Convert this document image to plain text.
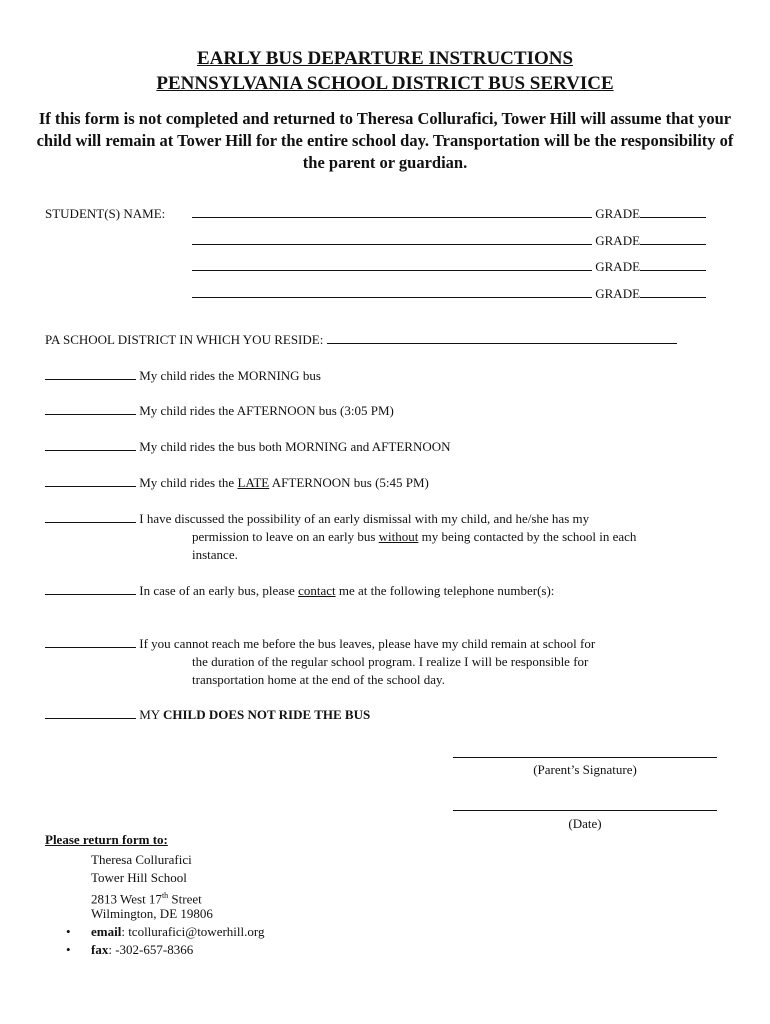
EARLY BUS DEPARTURE INSTRUCTIONS
PENNSYLVANIA SCHOOL DISTRICT BUS SERVICE
If this form is not completed and returned to Theresa Collurafici, Tower Hill will assume that your child will remain at Tower Hill for the entire school day. Transportation will be the responsibility of the parent or guardian.
STUDENT(S) NAME:	GRADE
GRADE
GRADE
GRADE
PA SCHOOL DISTRICT IN WHICH YOU RESIDE:
My child rides the MORNING bus
My child rides the AFTERNOON bus (3:05 PM)
My child rides the bus both MORNING and AFTERNOON
My child rides the LATE AFTERNOON bus (5:45 PM)
I have discussed the possibility of an early dismissal with my child, and he/she has my
permission to leave on an early bus without my being contacted by the school in each
instance.
In case of an early bus, please contact me at the following telephone number(s):
If you cannot reach me before the bus leaves, please have my child remain at school for
the duration of the regular school program. I realize I will be responsible for
transportation home at the end of the school day.
MY CHILD DOES NOT RIDE THE BUS
(Parent’s Signature)
(Date)
Please return form to:
Theresa Collurafici
Tower Hill School
2813 West 17th Street
Wilmington, DE 19806
• email: tcollurafici@towerhill.org
• fax: -302-657-8366
